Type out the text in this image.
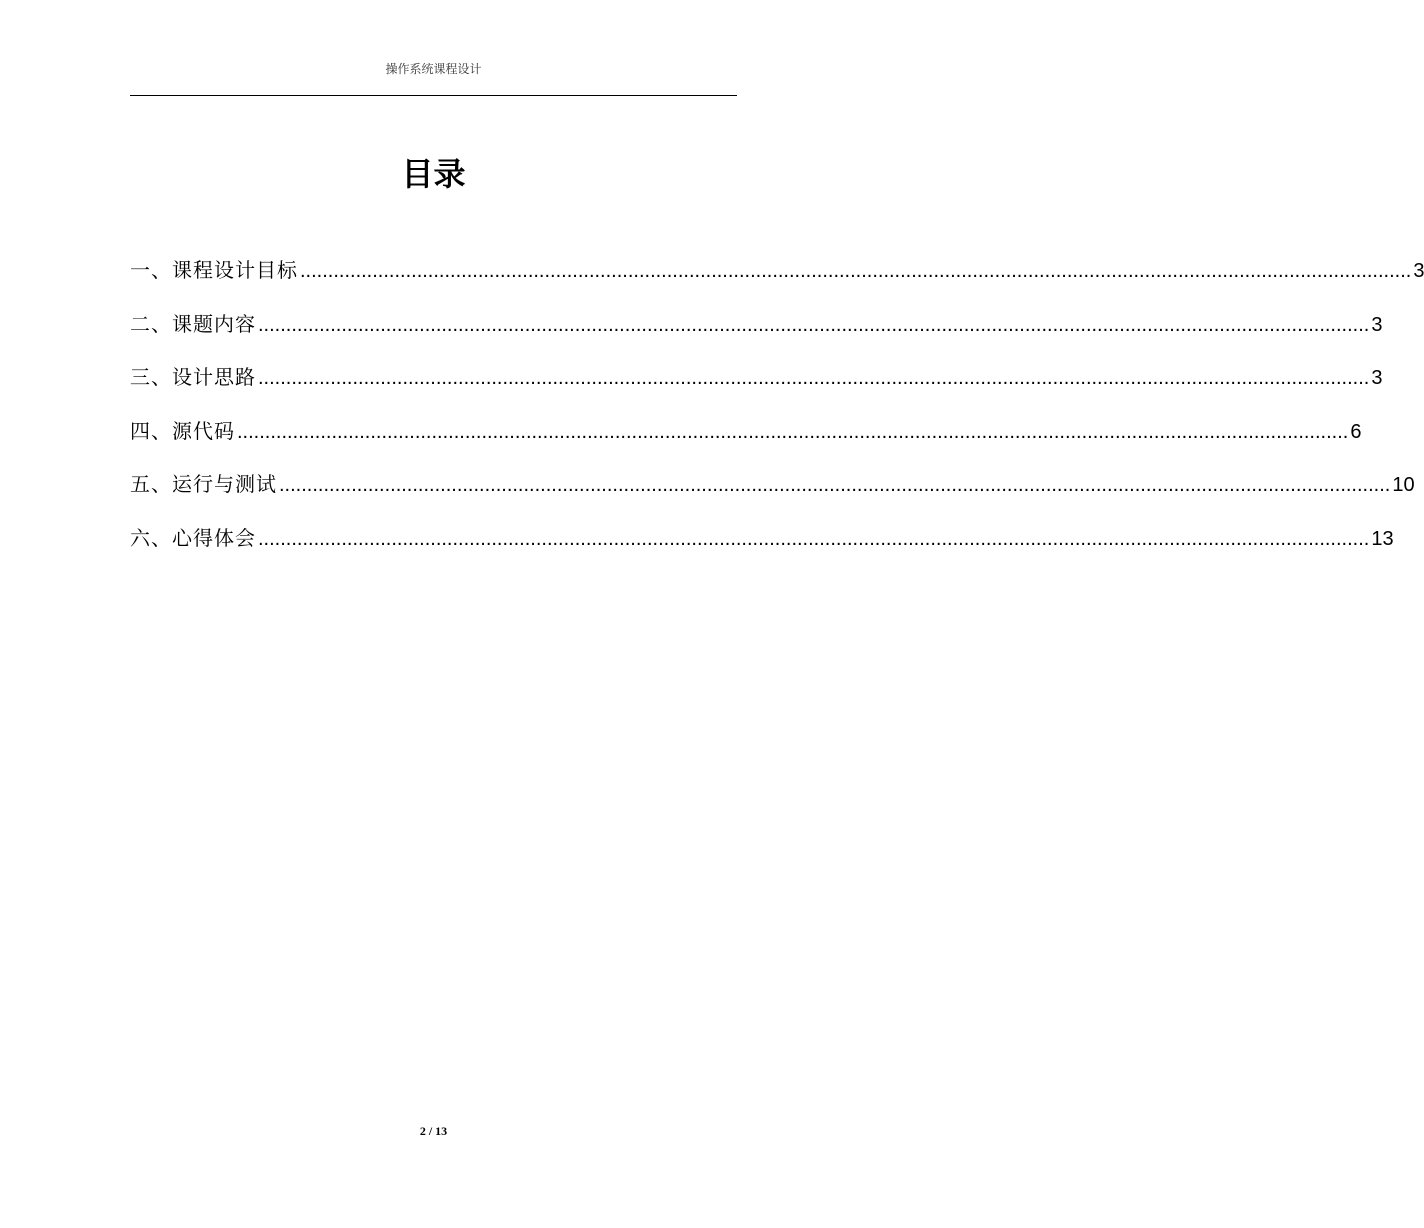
操作系统课程设计
目录
一、课程设计目标 ........................................................................................................................................................................................................ 3
二、课题内容 ........................................................................................................................................................................................................ 3
三、设计思路 ........................................................................................................................................................................................................ 3
四、源代码 ........................................................................................................................................................................................................ 6
五、运行与测试 ........................................................................................................................................................................................................ 10
六、心得体会 ........................................................................................................................................................................................................ 13
2 / 13
